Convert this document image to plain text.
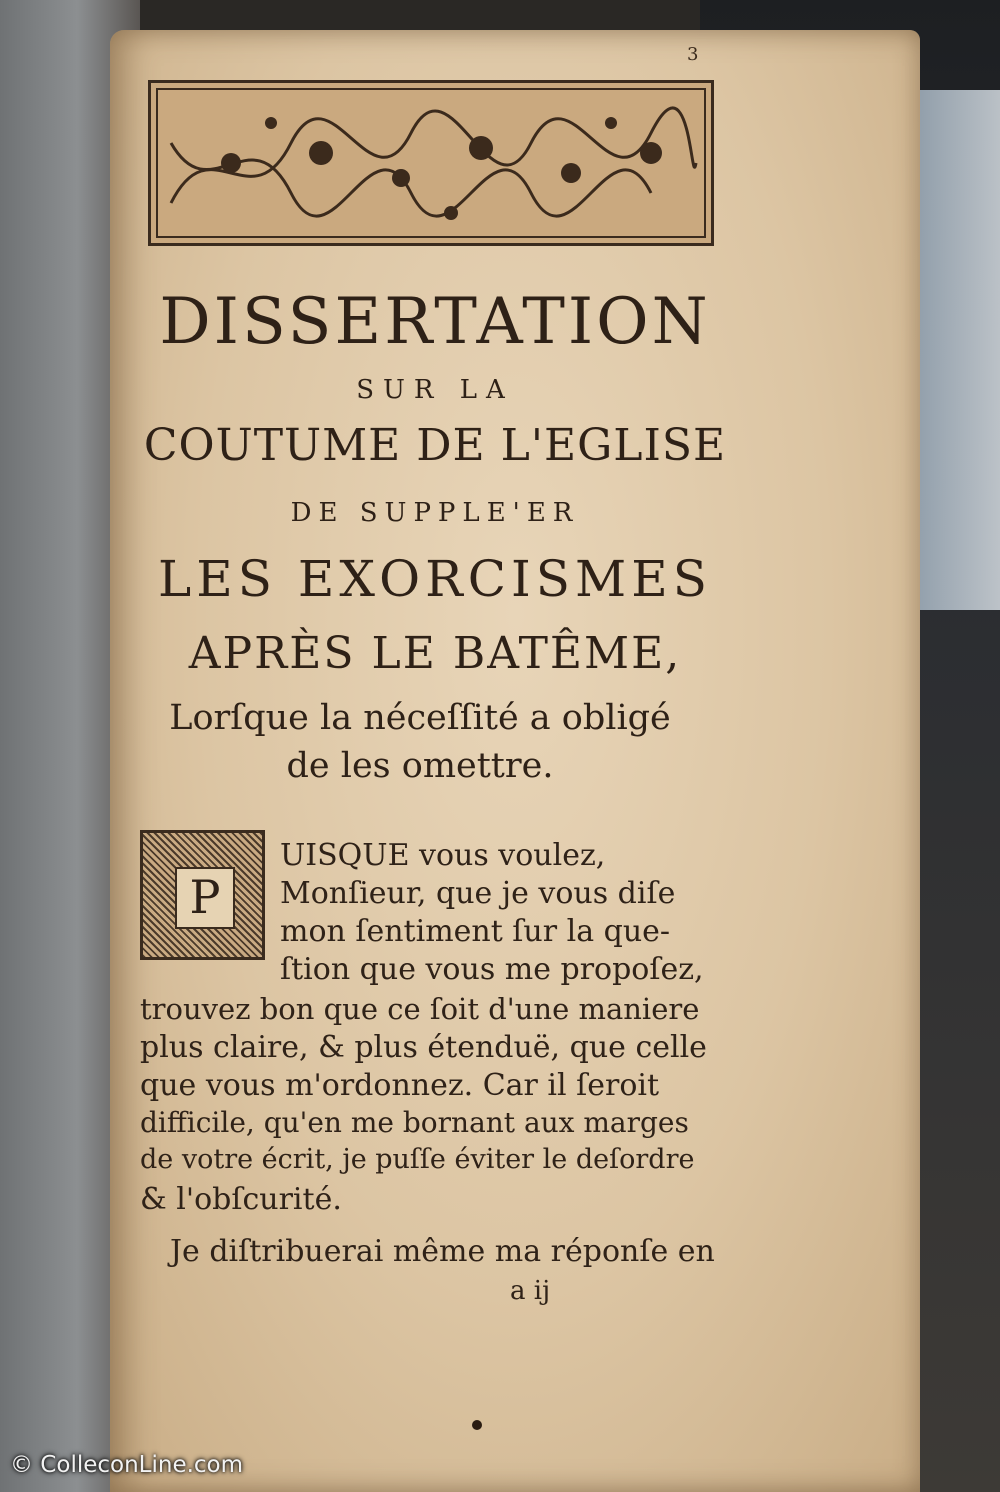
3
DISSERTATION
SUR LA
COUTUME DE L'EGLISE
DE SUPPLE'ER
LES EXORCISMES
APRÈS LE BATÊME,
Lorſque la néceſſité a obligé
de les omettre.
P
UISQUE vous voulez,
Monſieur, que je vous diſe
mon ſentiment ſur la que-
ſtion que vous me propoſez,
trouvez bon que ce ſoit d'une maniere
plus claire, & plus étenduë, que celle
que vous m'ordonnez. Car il ſeroit
difficile, qu'en me bornant aux marges
de votre écrit, je puſſe éviter le deſordre
& l'obſcurité.
Je diſtribuerai même ma réponſe en
a ij
© ColleconLine.com
